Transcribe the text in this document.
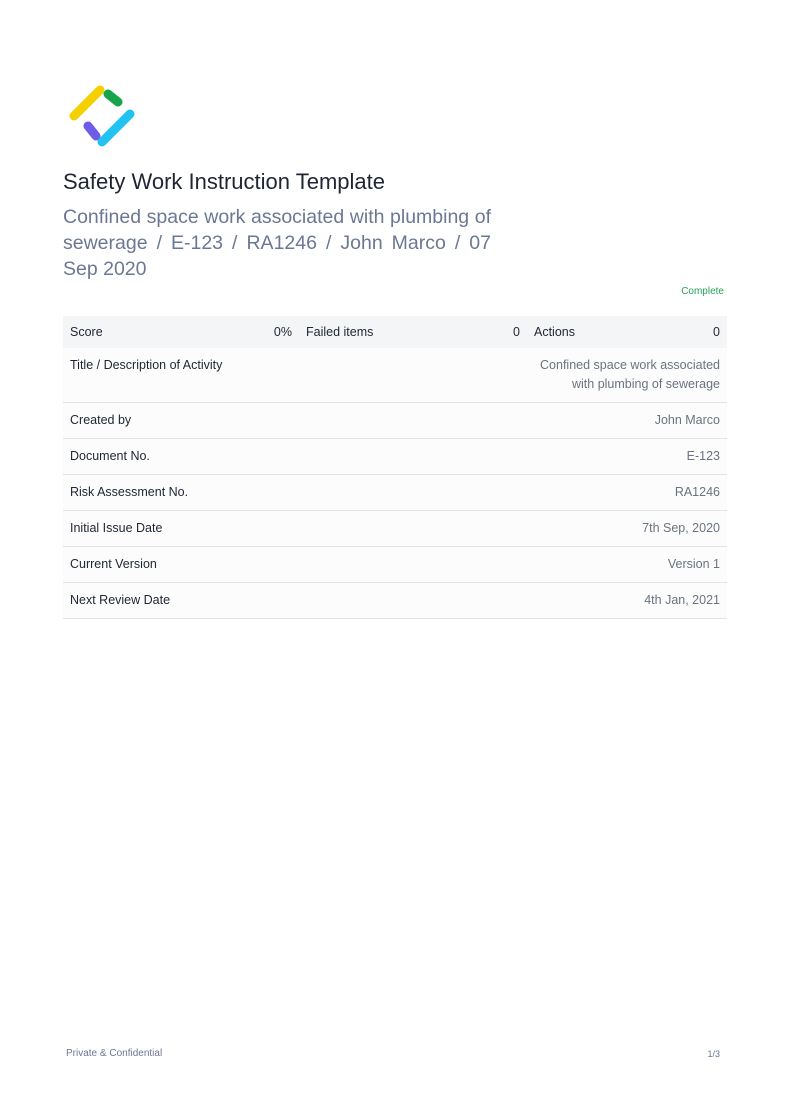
Safety Work Instruction Template
Confined space work associated with plumbing of sewerage / E-123 / RA1246 / John Marco / 07 Sep 2020
Complete
Score	0%	Failed items	0	Actions	0
Title / Description of Activity			Confined space work associated with plumbing of sewerage		
Created by			John Marco		
Document No.			E-123		
Risk Assessment No.			RA1246		
Initial Issue Date			7th Sep, 2020		
Current Version			Version 1		
Next Review Date			4th Jan, 2021		
Private & Confidential	1/3
